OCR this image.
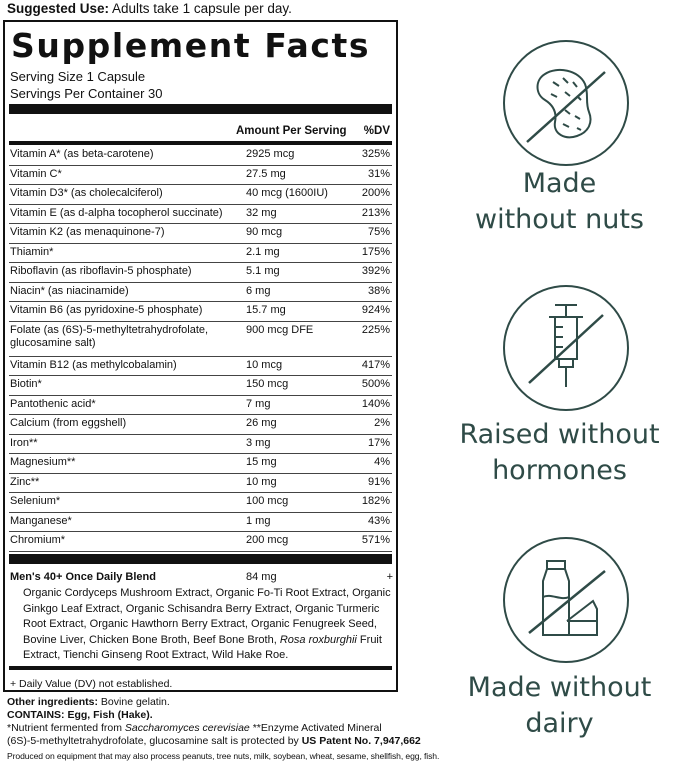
Suggested Use: Adults take 1 capsule per day.
Supplement Facts
Serving Size 1 Capsule
Servings Per Container 30
Amount Per Serving %DV
Vitamin A* (as beta-carotene)	2925 mcg	325%
Vitamin C*	27.5 mg	31%
Vitamin D3* (as cholecalciferol)	40 mcg (1600IU)	200%
Vitamin E (as d-alpha tocopherol succinate) 32 mg	213%
Vitamin K2 (as menaquinone-7)	90 mcg	75%
Thiamin*	2.1 mg	175%
Riboflavin (as riboflavin-5 phosphate)	5.1 mg	392%
Niacin* (as niacinamide)	6 mg	38%
Vitamin B6 (as pyridoxine-5 phosphate)	15.7 mg	924%
Folate (as (6S)-5-methyltetrahydrofolate,
glucosamine salt)
900 mcg DFE	225%
Vitamin B12 (as methylcobalamin)	10 mcg	417%
Biotin*	150 mcg	500%
Pantothenic acid*	7 mg	140%
Calcium (from eggshell)	26 mg	2%
Iron**	3 mg	17%
Magnesium**	15 mg	4%
Zinc**	10 mg	91%
Selenium*	100 mcg	182%
Manganese*	1 mg	43%
Chromium*	200 mcg	571%
Men's 40+ Once Daily Blend	84 mg	+
Organic Cordyceps Mushroom Extract, Organic Fo-Ti Root Extract, Organic Ginkgo Leaf Extract, Organic Schisandra Berry Extract, Organic Turmeric Root Extract, Organic Hawthorn Berry Extract, Organic Fenugreek Seed, Bovine Liver, Chicken Bone Broth, Beef Bone Broth, Rosa roxburghii Fruit Extract, Tienchi Ginseng Root Extract, Wild Hake Roe.
+ Daily Value (DV) not established.
Other ingredients: Bovine gelatin.
CONTAINS: Egg, Fish (Hake).
*Nutrient fermented from Saccharomyces cerevisiae **Enzyme Activated Mineral
(6S)-5-methyltetrahydrofolate, glucosamine salt is protected by US Patent No. 7,947,662
Produced on equipment that may also process peanuts, tree nuts, milk, soybean, wheat, sesame, shellfish, egg, fish.
Made
without nuts
Raised without
hormones
Made without
dairy
